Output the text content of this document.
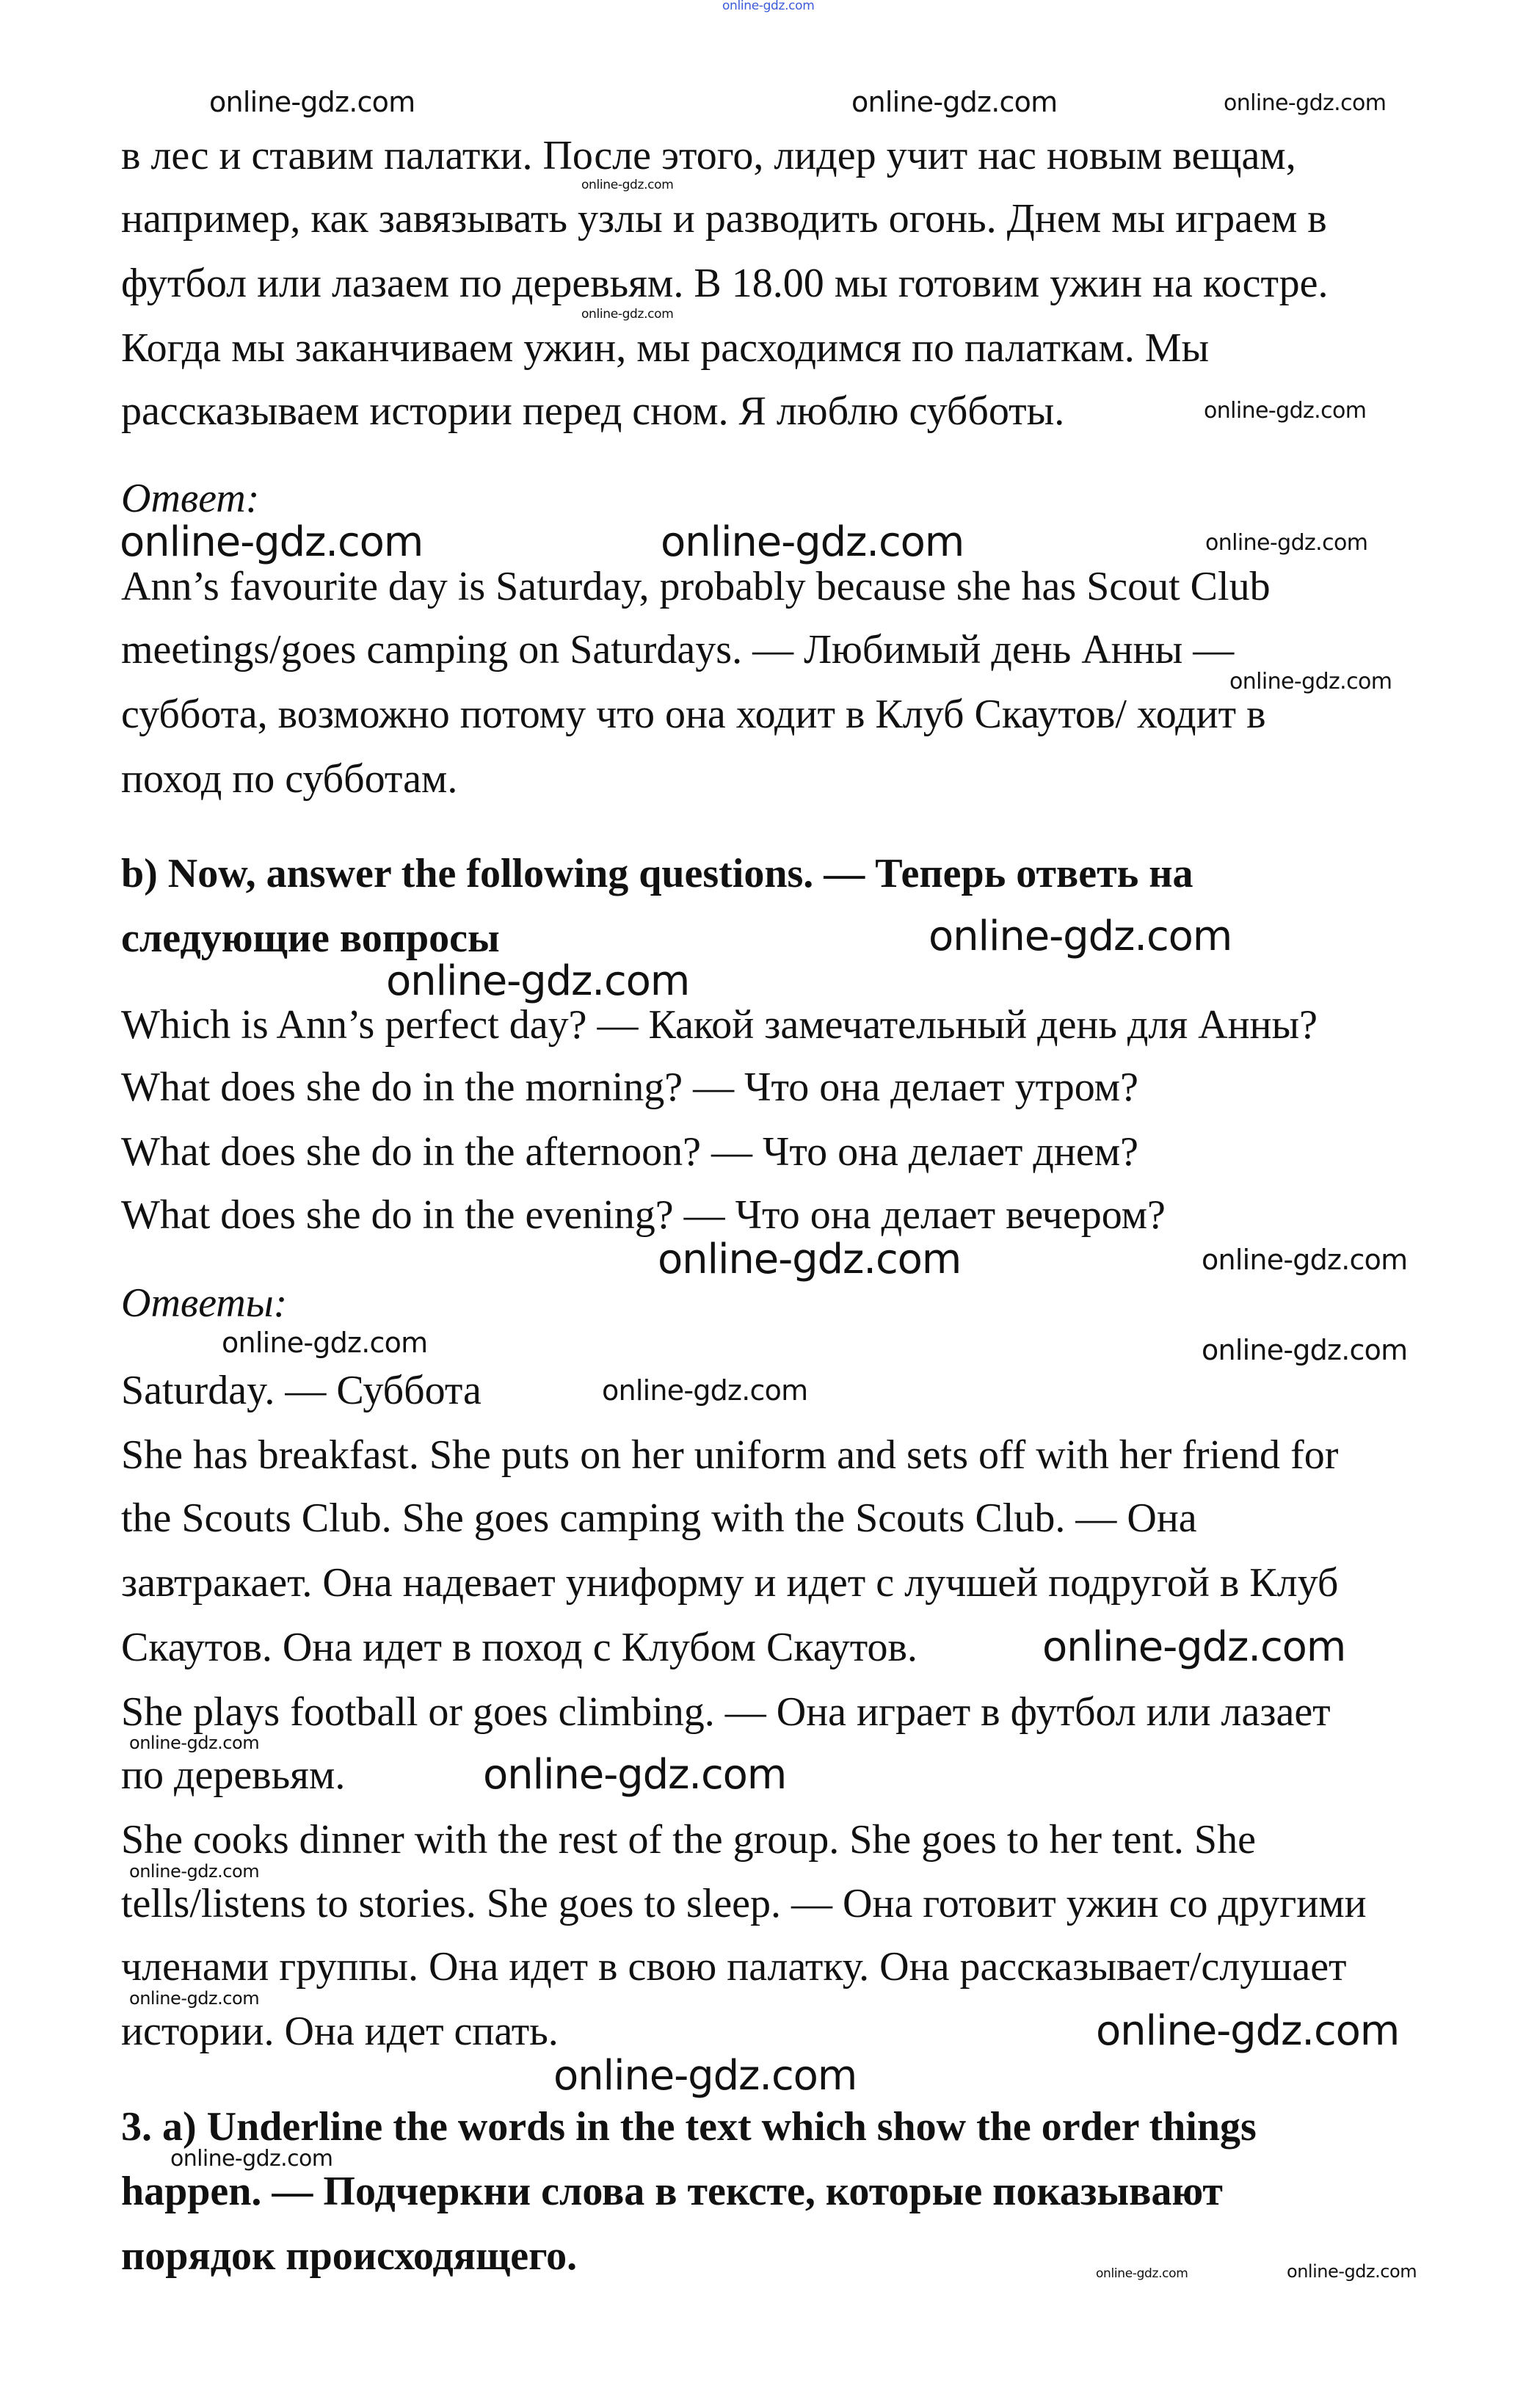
в лес и ставим палатки. После этого, лидер учит нас новым вещам,
например, как завязывать узлы и разводить огонь. Днем мы играем в
футбол или лазаем по деревьям. В 18.00 мы готовим ужин на костре.
Когда мы заканчиваем ужин, мы расходимся по палаткам. Мы
рассказываем истории перед сном. Я люблю субботы.
Ответ:
Ann’s favourite day is Saturday, probably because she has Scout Club
meetings/goes camping on Saturdays. — Любимый день Анны —
суббота, возможно потому что она ходит в Клуб Скаутов/ ходит в
поход по субботам.
b) Now, answer the following questions. — Теперь ответь на
следующие вопросы
Which is Ann’s perfect day? — Какой замечательный день для Анны?
What does she do in the morning? — Что она делает утром?
What does she do in the afternoon? — Что она делает днем?
What does she do in the evening? — Что она делает вечером?
Ответы:
Saturday. — Суббота
She has breakfast. She puts on her uniform and sets off with her friend for
the Scouts Club. She goes camping with the Scouts Club. — Она
завтракает. Она надевает униформу и идет с лучшей подругой в Клуб
Скаутов. Она идет в поход с Клубом Скаутов.
She plays football or goes climbing. — Она играет в футбол или лазает
по деревьям.
She cooks dinner with the rest of the group. She goes to her tent. She
tells/listens to stories. She goes to sleep. — Она готовит ужин со другими
членами группы. Она идет в свою палатку. Она рассказывает/слушает
истории. Она идет спать.
3. a) Underline the words in the text which show the order things
happen. — Подчеркни слова в тексте, которые показывают
порядок происходящего.
online-gdz.com
online-gdz.com
online-gdz.com
online-gdz.com
online-gdz.com	online-gdz.com
online-gdz.com
online-gdz.com
online-gdz.com	online-gdz.com
online-gdz.com
online-gdz.com
online-gdz.com
online-gdz.com
online-gdz.com
online-gdz.com	online-gdz.com
online-gdz.com
online-gdz.com
online-gdz.com
online-gdz.com
online-gdz.com
online-gdz.com
online-gdz.com
online-gdz.com
online-gdz.com
online-gdz.com	online-gdz.com
